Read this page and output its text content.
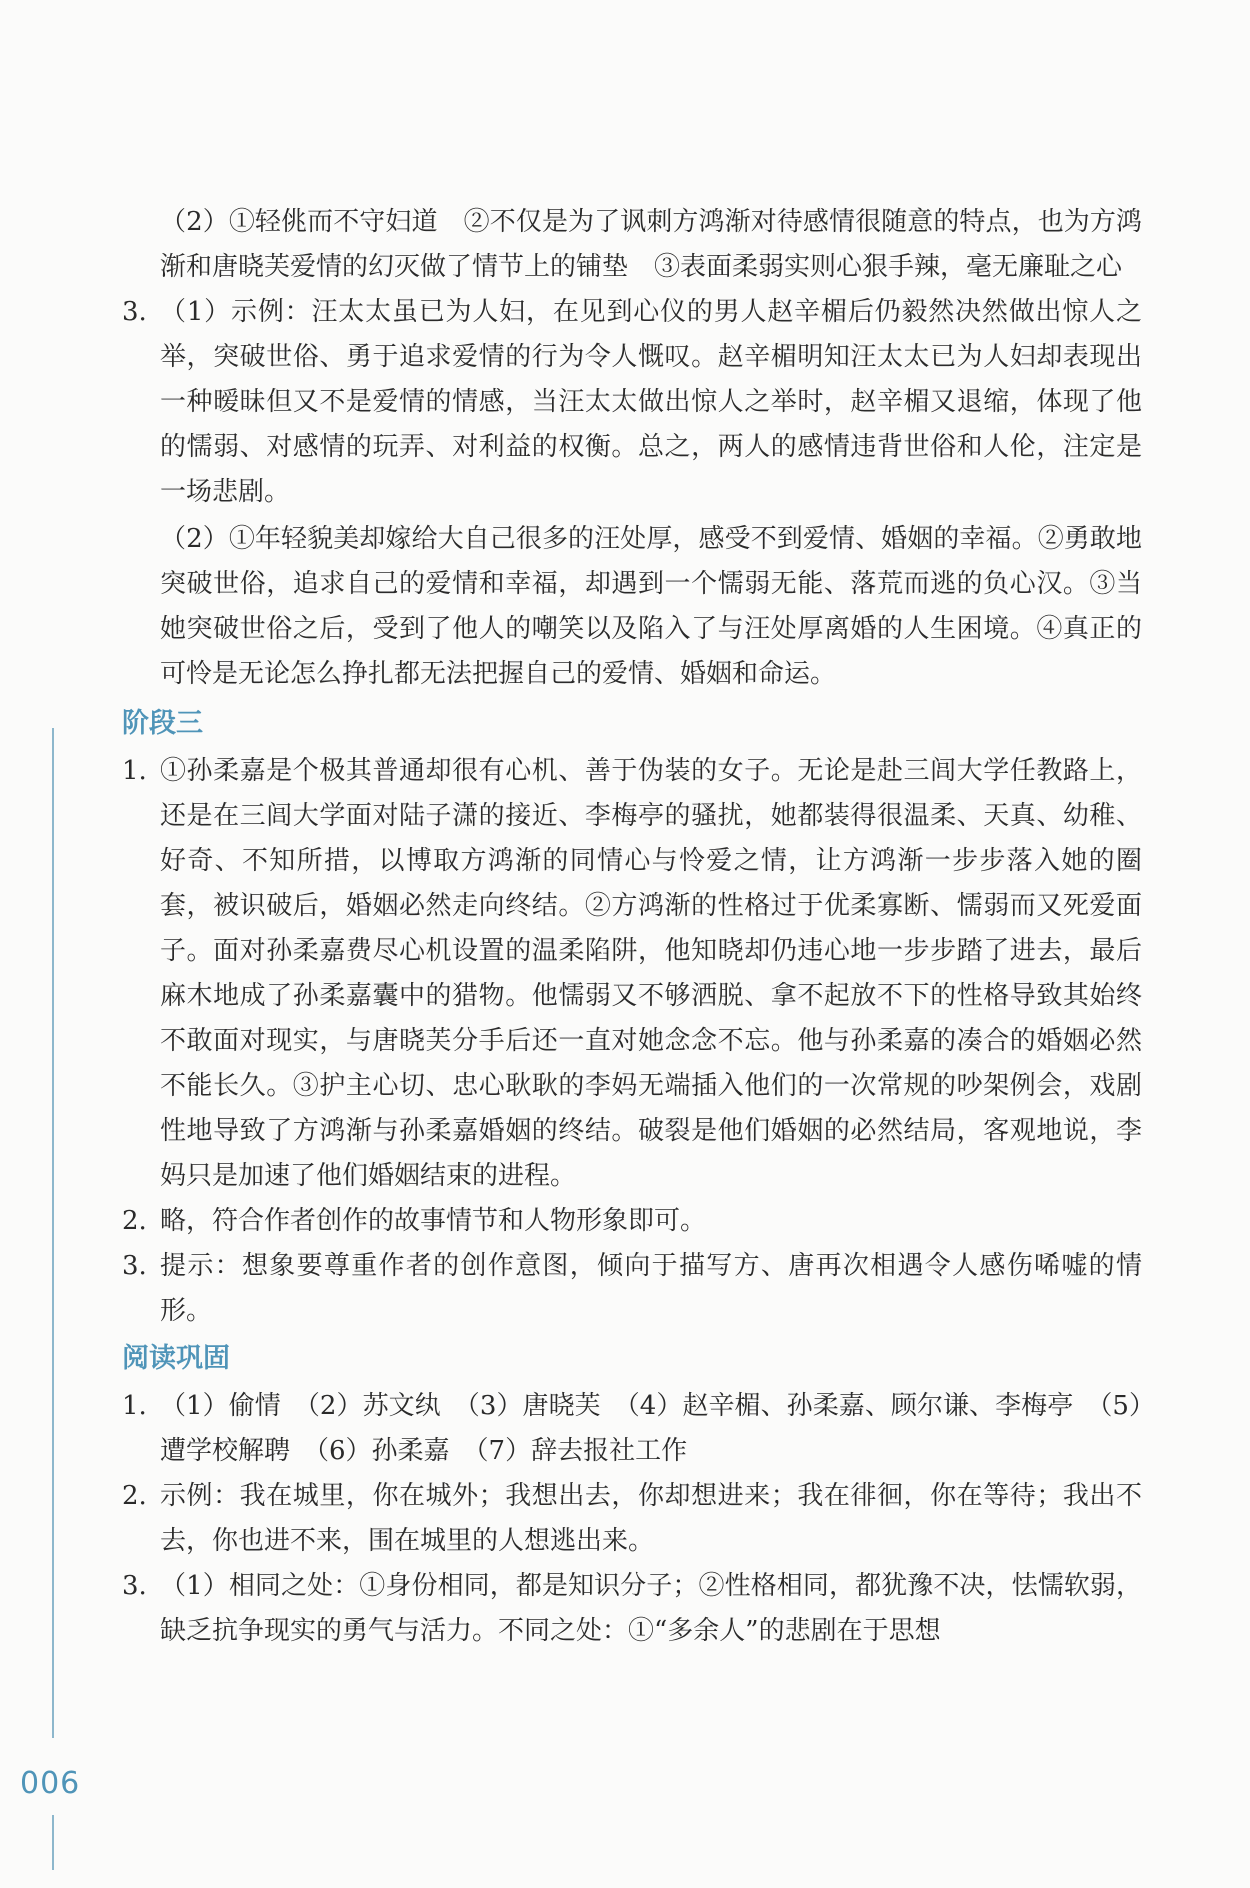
006

（2）①轻佻而不守妇道　②不仅是为了讽刺方鸿渐对待感情很随意的特点，也为方鸿渐和唐晓芙爱情的幻灭做了情节上的铺垫　③表面柔弱实则心狠手辣，毫无廉耻之心

3. （1）示例：汪太太虽已为人妇，在见到心仪的男人赵辛楣后仍毅然决然做出惊人之举，突破世俗、勇于追求爱情的行为令人慨叹。赵辛楣明知汪太太已为人妇却表现出一种暧昧但又不是爱情的情感，当汪太太做出惊人之举时，赵辛楣又退缩，体现了他的懦弱、对感情的玩弄、对利益的权衡。总之，两人的感情违背世俗和人伦，注定是一场悲剧。

（2）①年轻貌美却嫁给大自己很多的汪处厚，感受不到爱情、婚姻的幸福。②勇敢地突破世俗，追求自己的爱情和幸福，却遇到一个懦弱无能、落荒而逃的负心汉。③当她突破世俗之后，受到了他人的嘲笑以及陷入了与汪处厚离婚的人生困境。④真正的可怜是无论怎么挣扎都无法把握自己的爱情、婚姻和命运。

阶段三
1. ①孙柔嘉是个极其普通却很有心机、善于伪装的女子。无论是赴三闾大学任教路上，还是在三闾大学面对陆子潇的接近、李梅亭的骚扰，她都装得很温柔、天真、幼稚、好奇、不知所措，以博取方鸿渐的同情心与怜爱之情，让方鸿渐一步步落入她的圈套，被识破后，婚姻必然走向终结。②方鸿渐的性格过于优柔寡断、懦弱而又死爱面子。面对孙柔嘉费尽心机设置的温柔陷阱，他知晓却仍违心地一步步踏了进去，最后麻木地成了孙柔嘉囊中的猎物。他懦弱又不够洒脱、拿不起放不下的性格导致其始终不敢面对现实，与唐晓芙分手后还一直对她念念不忘。他与孙柔嘉的凑合的婚姻必然不能长久。③护主心切、忠心耿耿的李妈无端插入他们的一次常规的吵架例会，戏剧性地导致了方鸿渐与孙柔嘉婚姻的终结。破裂是他们婚姻的必然结局，客观地说，李妈只是加速了他们婚姻结束的进程。
2. 略，符合作者创作的故事情节和人物形象即可。
3. 提示：想象要尊重作者的创作意图，倾向于描写方、唐再次相遇令人感伤唏嘘的情形。
阅读巩固
1. （1）偷情　（2）苏文纨　（3）唐晓芙　（4）赵辛楣、孙柔嘉、顾尔谦、李梅亭　（5）遭学校解聘　（6）孙柔嘉　（7）辞去报社工作
2. 示例：我在城里，你在城外；我想出去，你却想进来；我在徘徊，你在等待；我出不去，你也进不来，围在城里的人想逃出来。
3. （1）相同之处：①身份相同，都是知识分子；②性格相同，都犹豫不决，怯懦软弱，缺乏抗争现实的勇气与活力。不同之处：①“多余人”的悲剧在于思想
